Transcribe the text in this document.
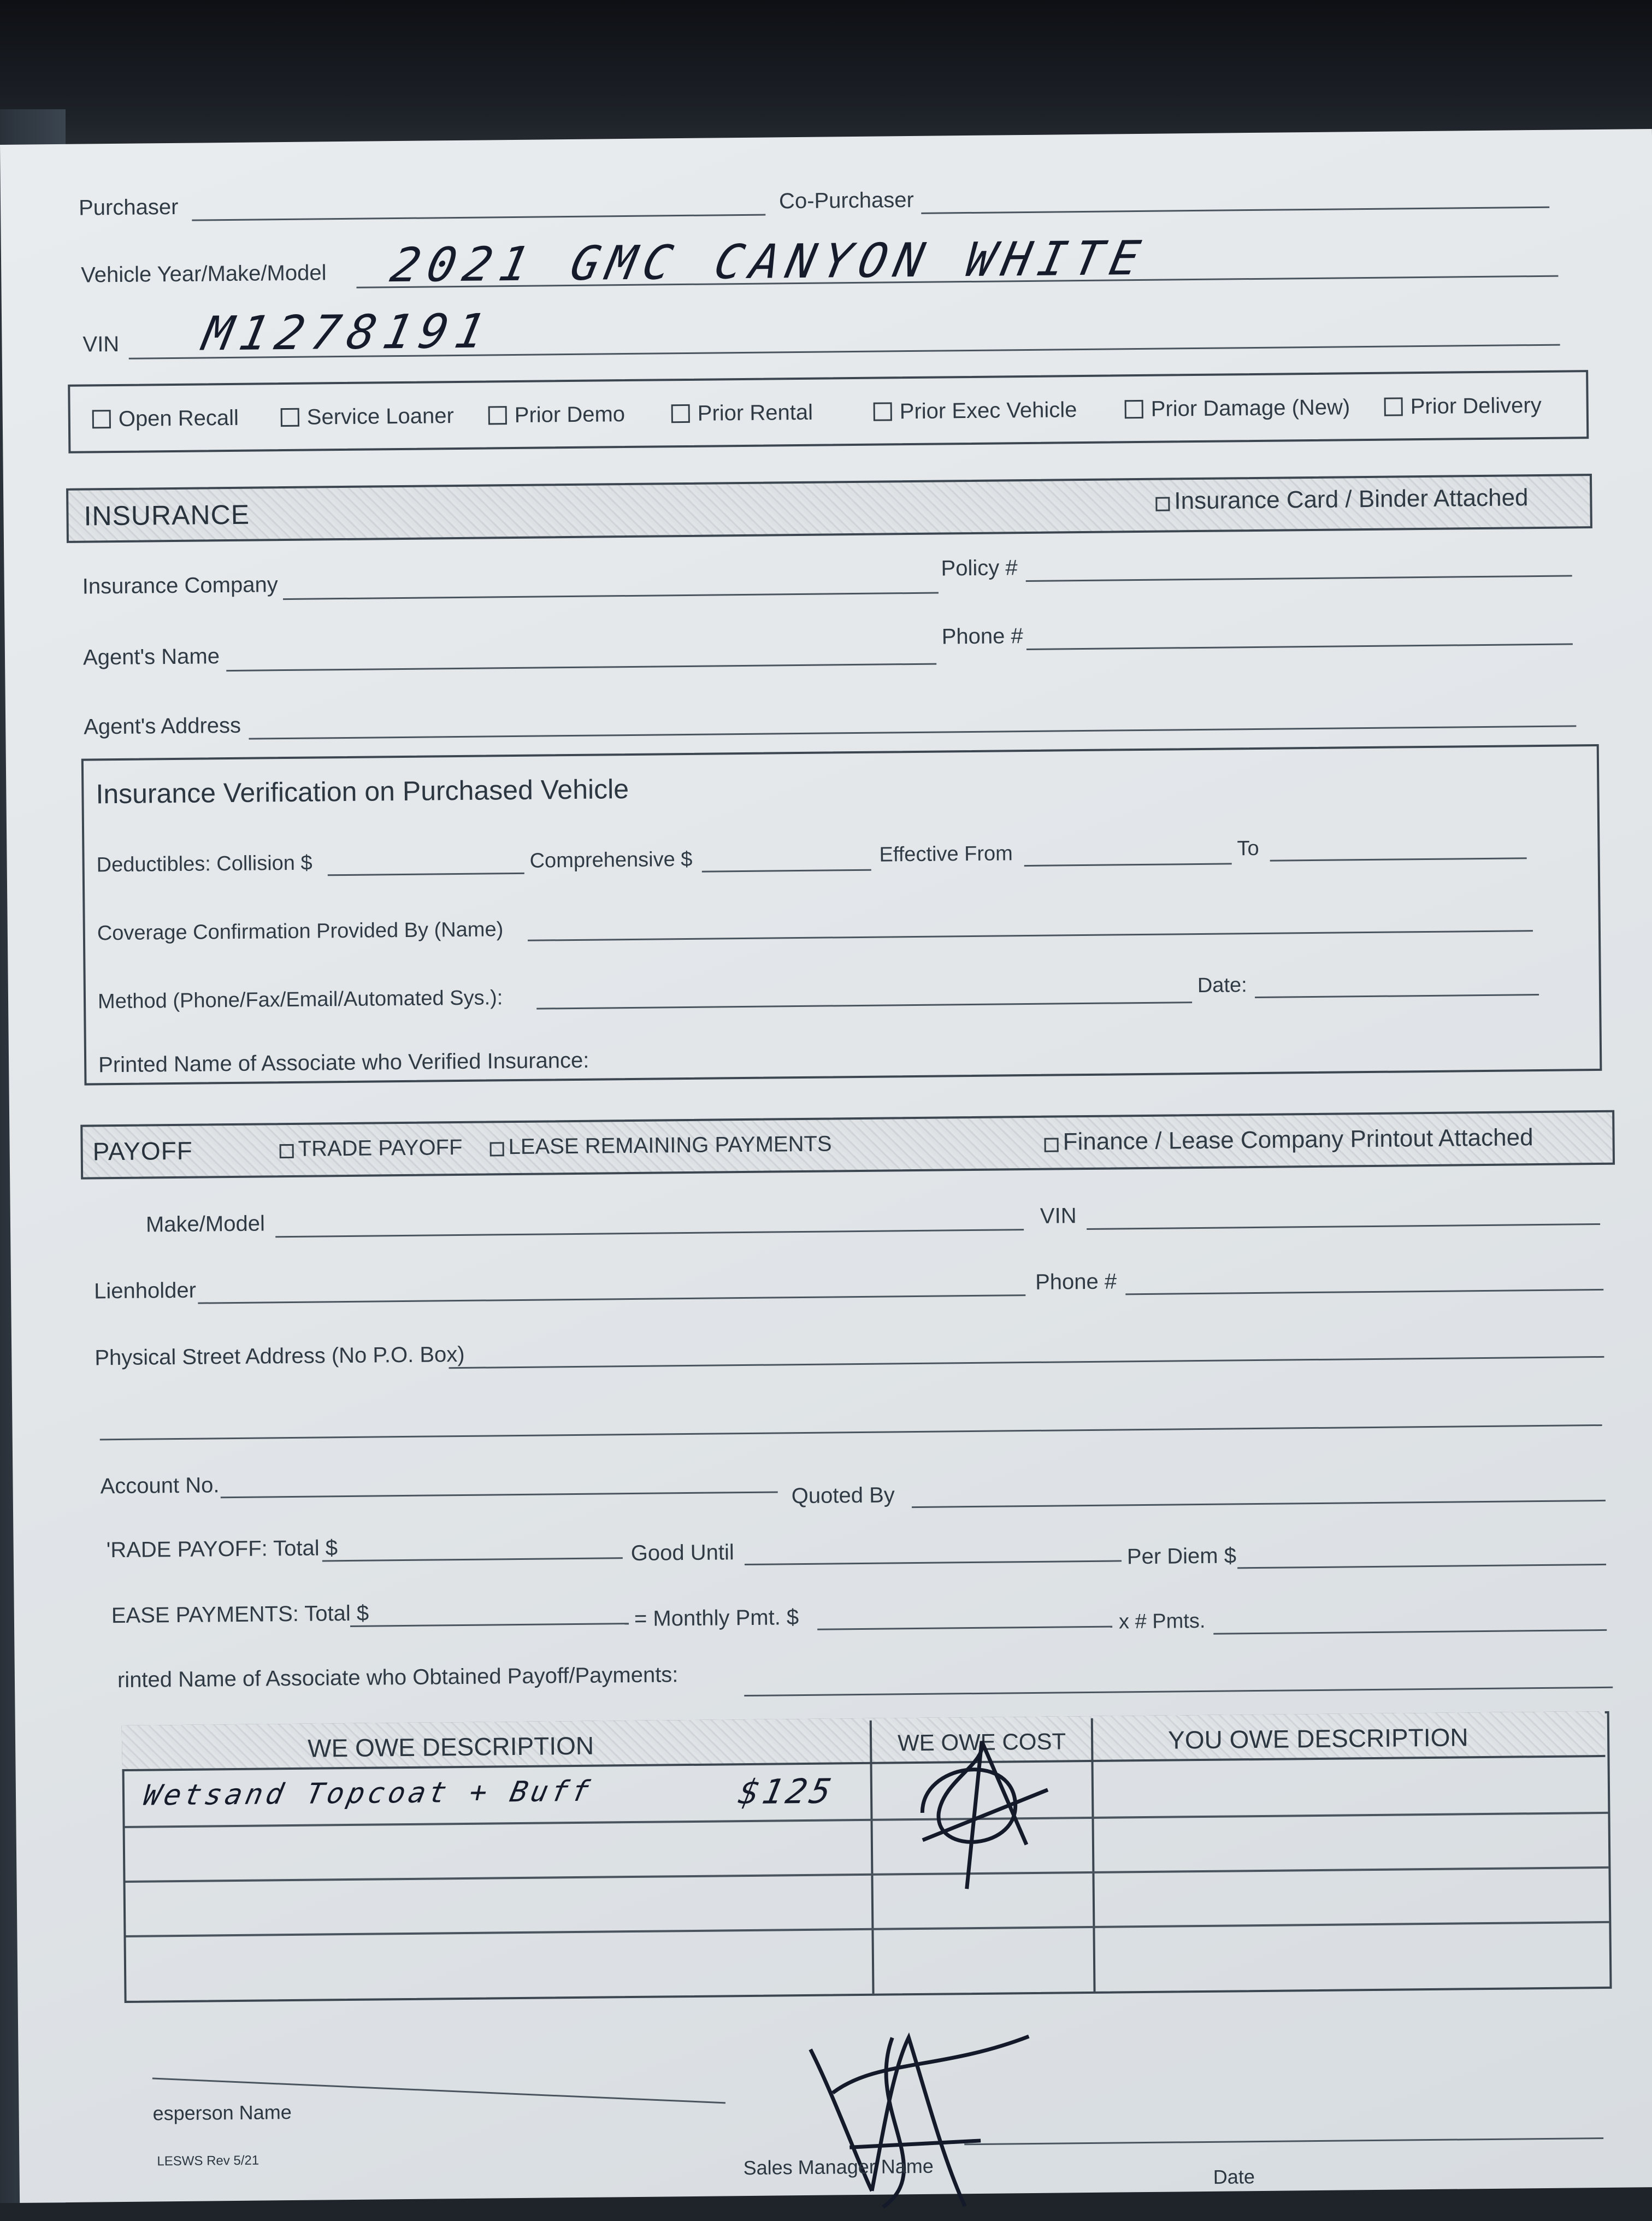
Purchaser	Co-Purchaser
Vehicle Year/Make/Model 2021 GMC CANYON WHITE
VIN M1278191
Open Recall	Service Loaner	Prior Demo	Prior Rental	Prior Exec Vehicle	Prior Damage (New)	Prior Delivery
INSURANCE	Insurance Card / Binder Attached
Insurance Company
Policy #
Agent's Name
Phone #
Agent's Address
Insurance Verification on Purchased Vehicle
Deductibles: Collision $	Comprehensive $	Effective From	To
Coverage Confirmation Provided By (Name)
Method (Phone/Fax/Email/Automated Sys.):
Date:
Printed Name of Associate who Verified Insurance:
PAYOFF	TRADE PAYOFF	LEASE REMAINING PAYMENTS	Finance / Lease Company Printout Attached
Make/Model	VIN
Lienholder	Phone #
Physical Street Address (No P.O. Box)
Account No.	Quoted By
'RADE PAYOFF: Total $	Good Until	Per Diem $
EASE PAYMENTS: Total $	= Monthly Pmt. $	x # Pmts.
rinted Name of Associate who Obtained Payoff/Payments:
WE OWE DESCRIPTION	WE OWE COST	YOU OWE DESCRIPTION
Wetsand Topcoat + Buff	$125
esperson Name
LESWS Rev 5/21	Sales Manager Name	Date
